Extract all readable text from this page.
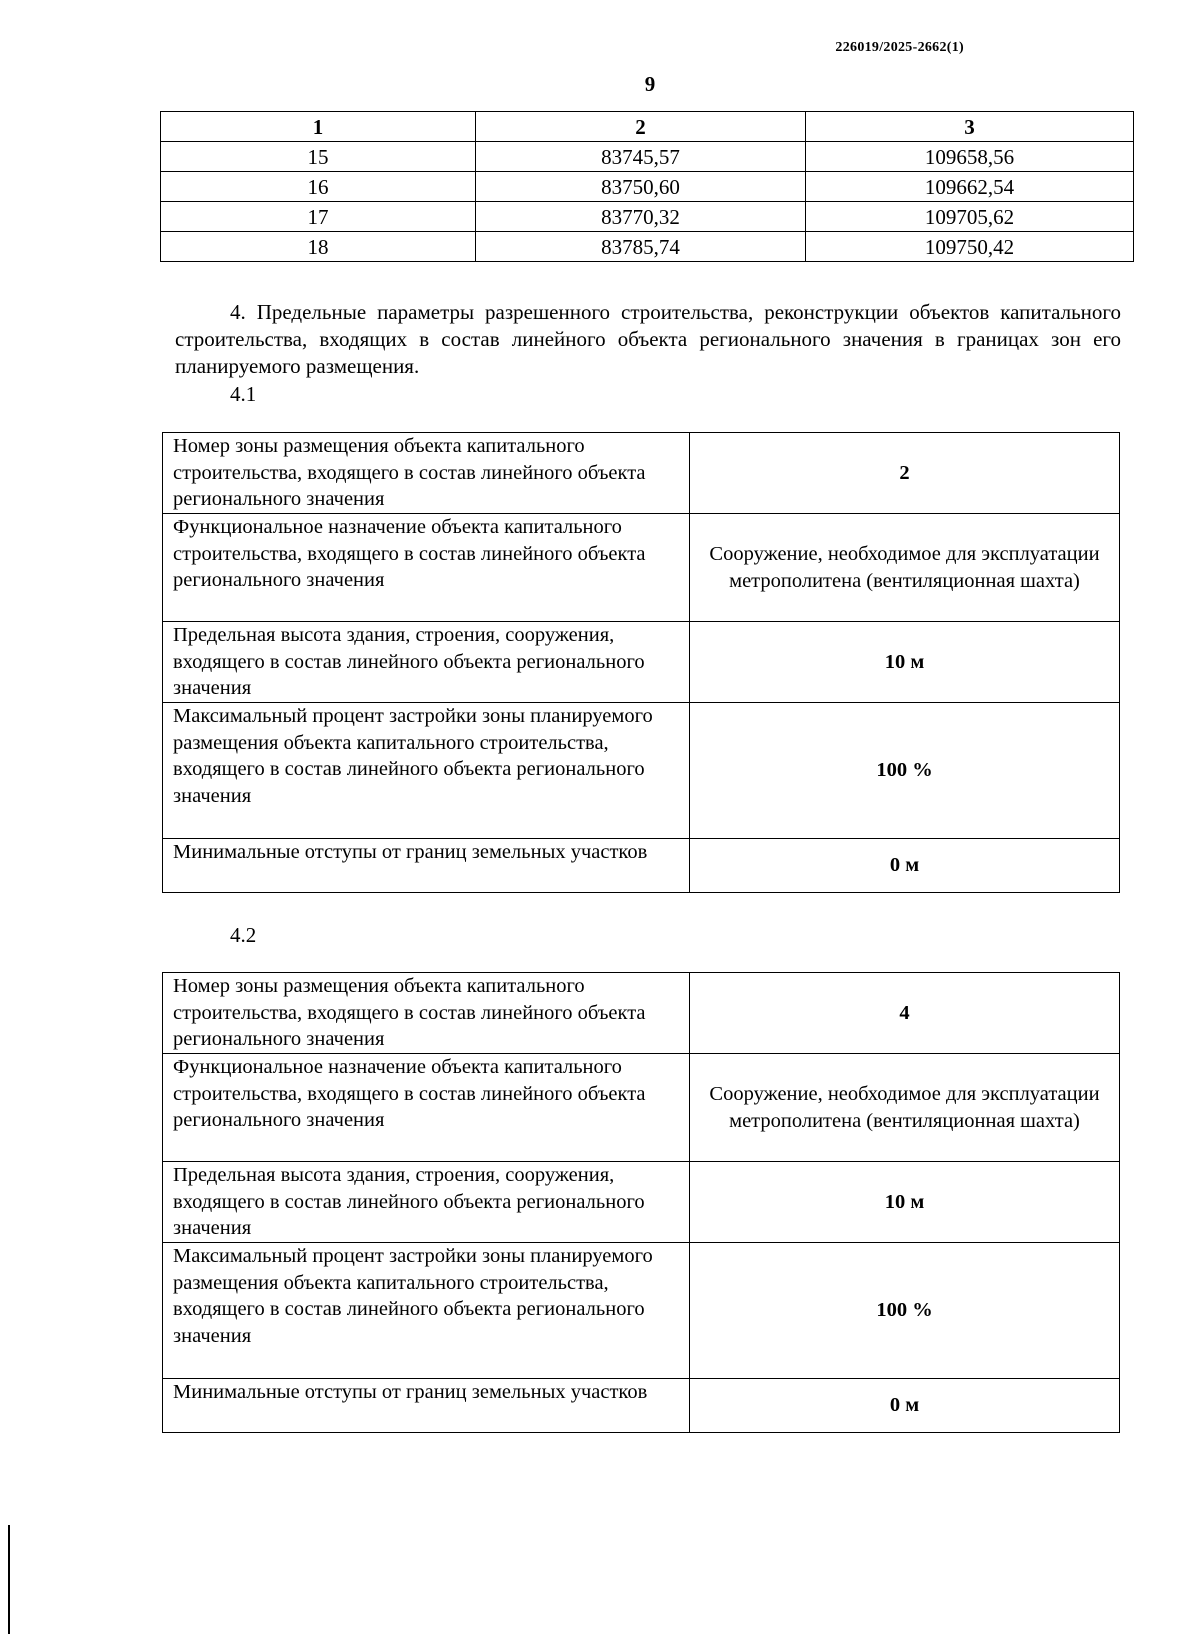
226019/2025-2662(1)
9
1	2	3
15	83745,57	109658,56
16	83750,60	109662,54
17	83770,32	109705,62
18	83785,74	109750,42
4. Предельные параметры разрешенного строительства, реконструкции объектов капитального строительства, входящих в состав линейного объекта регионального значения в границах зон его планируемого размещения.
4.1
Номер зоны размещения объекта капитального строительства, входящего в состав линейного объекта регионального значения	2
Функциональное назначение объекта капитального строительства, входящего в состав линейного объекта регионального значения	Сооружение, необходимое для эксплуатации метрополитена (вентиляционная шахта)
Предельная высота здания, строения, сооружения, входящего в состав линейного объекта регионального значения	10 м
Максимальный процент застройки зоны планируемого размещения объекта капитального строительства, входящего в состав линейного объекта регионального значения	100 %
Минимальные отступы от границ земельных участков	0 м
4.2
Номер зоны размещения объекта капитального строительства, входящего в состав линейного объекта регионального значения	4
Функциональное назначение объекта капитального строительства, входящего в состав линейного объекта регионального значения	Сооружение, необходимое для эксплуатации метрополитена (вентиляционная шахта)
Предельная высота здания, строения, сооружения, входящего в состав линейного объекта регионального значения	10 м
Максимальный процент застройки зоны планируемого размещения объекта капитального строительства, входящего в состав линейного объекта регионального значения	100 %
Минимальные отступы от границ земельных участков	0 м
